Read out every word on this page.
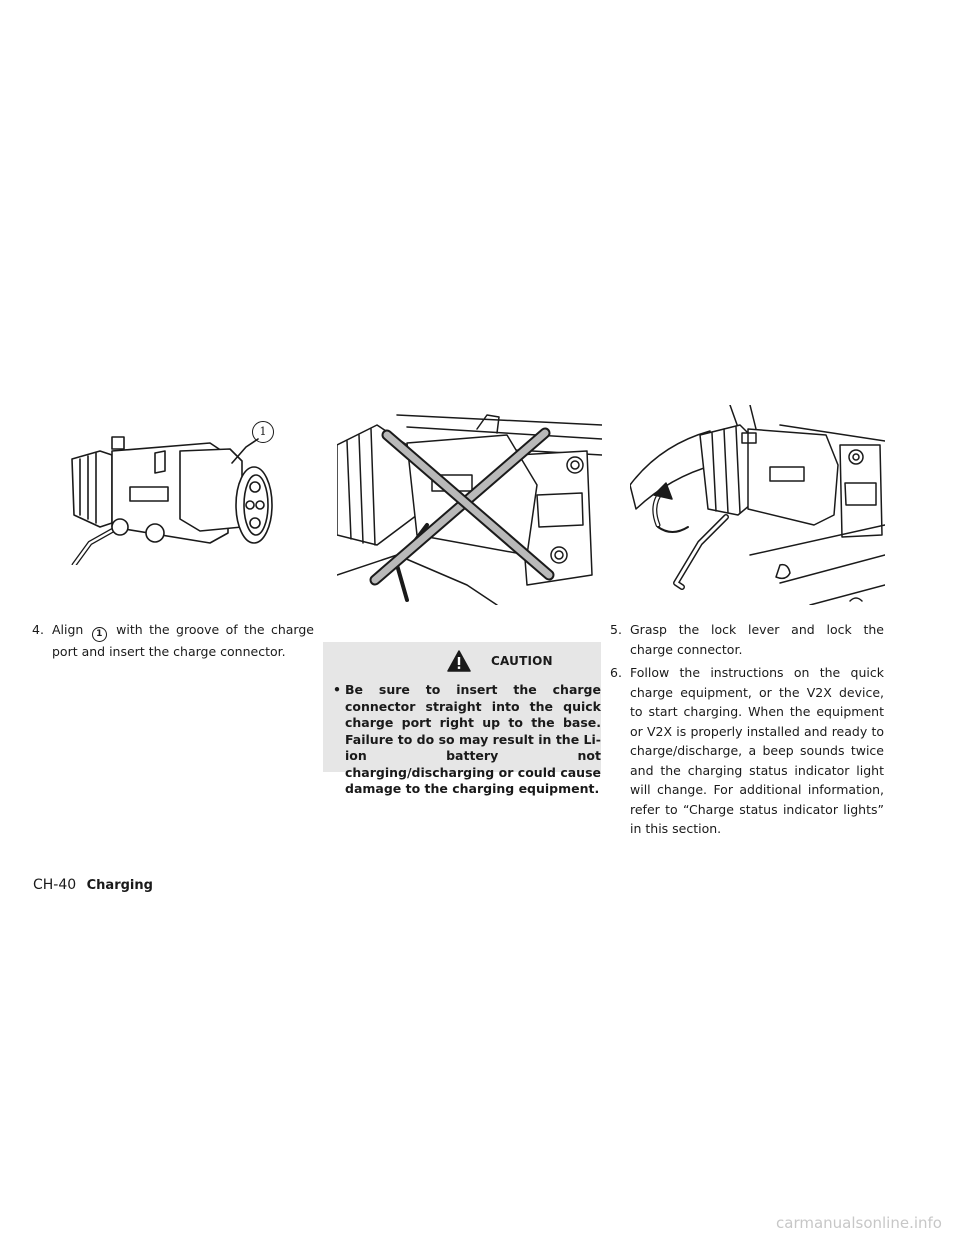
1
4. Align 1 with the groove of the charge port and insert the charge connector.
CAUTION
• Be sure to insert the charge connector straight into the quick charge port right up to the base. Failure to do so may result in the Li-ion battery not charging/discharging or could cause damage to the charging equipment.
5. Grasp the lock lever and lock the charge connector.
6. Follow the instructions on the quick charge equipment, or the V2X device, to start charging. When the equipment or V2X is properly installed and ready to charge/discharge, a beep sounds twice and the charging status indicator light will change. For additional information, refer to “Charge status indicator lights” in this section.
CH-40 Charging
carmanualsonline.info
